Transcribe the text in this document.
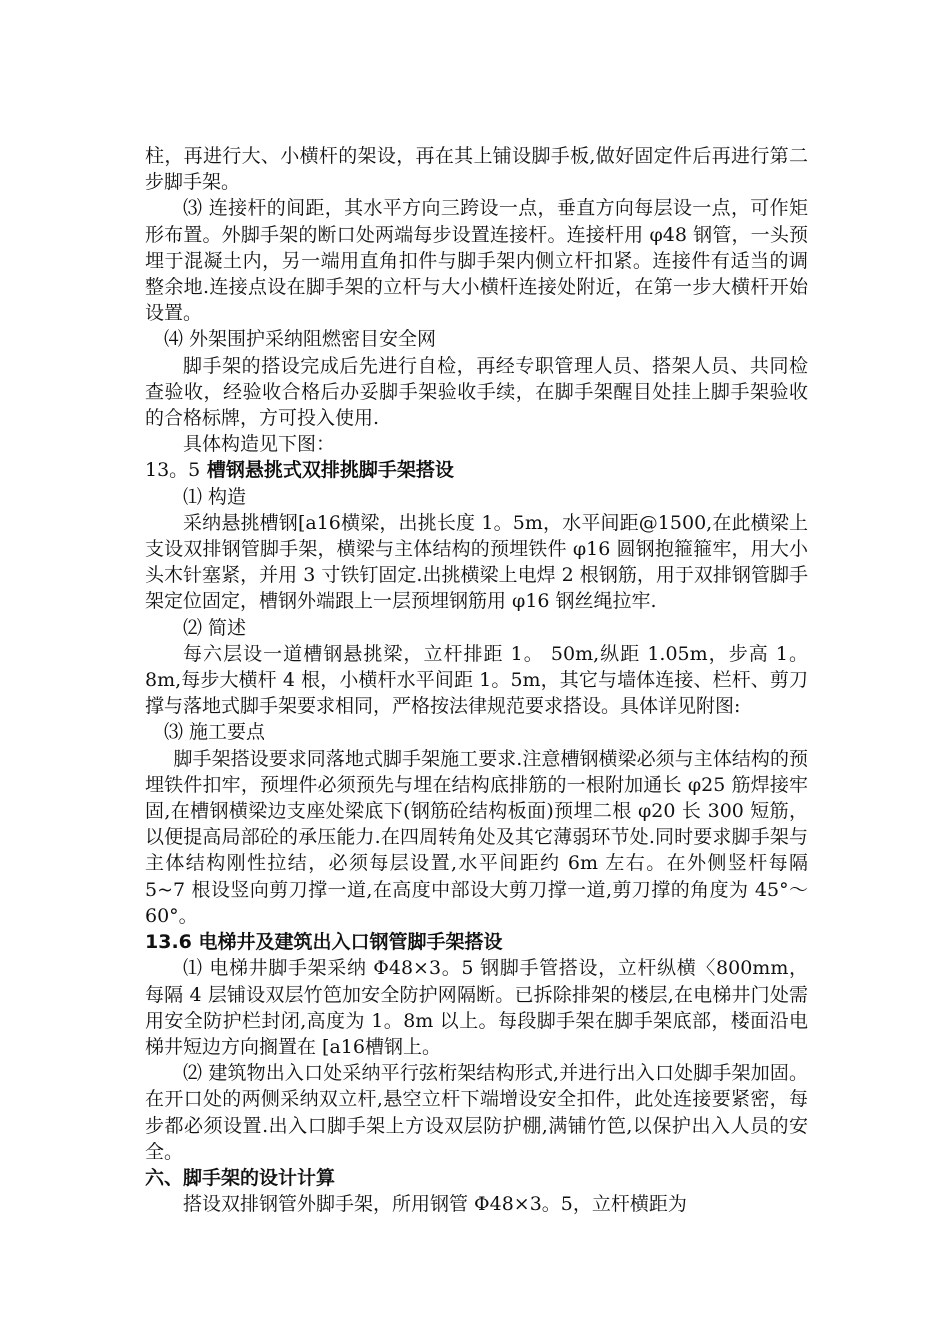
柱，再进行大、小横杆的架设，再在其上铺设脚手板,做好固定件后再进行第二步脚手架。

⑶ 连接杆的间距，其水平方向三跨设一点，垂直方向每层设一点，可作矩形布置。外脚手架的断口处两端每步设置连接杆。连接杆用 φ48 钢管，一头预埋于混凝土内，另一端用直角扣件与脚手架内侧立杆扣紧。连接件有适当的调整余地.连接点设在脚手架的立杆与大小横杆连接处附近，在第一步大横杆开始设置。

⑷ 外架围护采纳阻燃密目安全网

脚手架的搭设完成后先进行自检，再经专职管理人员、搭架人员、共同检查验收，经验收合格后办妥脚手架验收手续，在脚手架醒目处挂上脚手架验收的合格标牌，方可投入使用.

具体构造见下图：

13。5 槽钢悬挑式双排挑脚手架搭设

⑴ 构造

采纳悬挑槽钢[a16横梁，出挑长度 1。5m，水平间距@1500,在此横梁上支设双排钢管脚手架，横梁与主体结构的预埋铁件 φ16 圆钢抱箍箍牢，用大小头木针塞紧，并用 3 寸铁钉固定.出挑横梁上电焊 2 根钢筋，用于双排钢管脚手架定位固定，槽钢外端跟上一层预埋钢筋用 φ16 钢丝绳拉牢.

⑵ 简述

每六层设一道槽钢悬挑梁，立杆排距 1。 50m,纵距 1.05m，步高 1。8m,每步大横杆 4 根，小横杆水平间距 1。5m，其它与墙体连接、栏杆、剪刀撑与落地式脚手架要求相同，严格按法律规范要求搭设。具体详见附图:

⑶ 施工要点

脚手架搭设要求同落地式脚手架施工要求.注意槽钢横梁必须与主体结构的预埋铁件扣牢，预埋件必须预先与埋在结构底排筋的一根附加通长 φ25 筋焊接牢固,在槽钢横梁边支座处梁底下(钢筋砼结构板面)预埋二根 φ20 长 300 短筋，以便提高局部砼的承压能力.在四周转角处及其它薄弱环节处.同时要求脚手架与主体结构刚性拉结，必须每层设置,水平间距约 6m 左右。在外侧竖杆每隔 5~7 根设竖向剪刀撑一道,在高度中部设大剪刀撑一道,剪刀撑的角度为 45°～60°。

13.6 电梯井及建筑出入口钢管脚手架搭设

⑴ 电梯井脚手架采纳 Φ48×3。5 钢脚手管搭设，立杆纵横〈800mm，每隔 4 层铺设双层竹笆加安全防护网隔断。已拆除排架的楼层,在电梯井门处需用安全防护栏封闭,高度为 1。8m 以上。每段脚手架在脚手架底部，楼面沿电梯井短边方向搁置在 [a16槽钢上。

⑵ 建筑物出入口处采纳平行弦桁架结构形式,并进行出入口处脚手架加固。在开口处的两侧采纳双立杆,悬空立杆下端增设安全扣件，此处连接要紧密，每步都必须设置.出入口脚手架上方设双层防护棚,满铺竹笆,以保护出入人员的安全。

六、脚手架的设计计算

搭设双排钢管外脚手架，所用钢管 Φ48×3。5，立杆横距为
